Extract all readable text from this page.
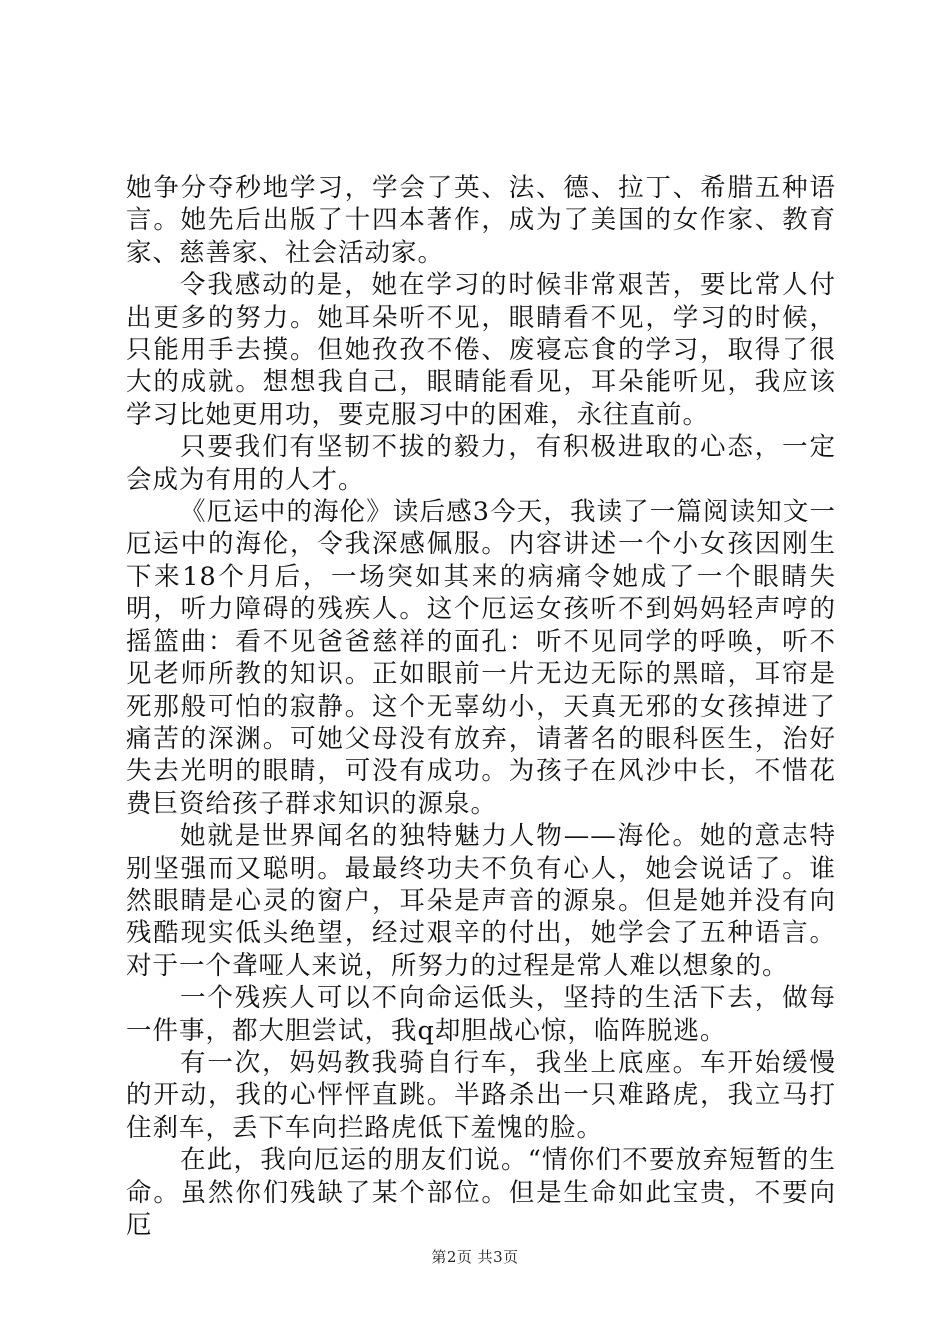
她争分夺秒地学习，学会了英、法、德、拉丁、希腊五种语言。她先后出版了十四本著作，成为了美国的女作家、教育家、慈善家、社会活动家。

令我感动的是，她在学习的时候非常艰苦，要比常人付出更多的努力。她耳朵听不见，眼睛看不见，学习的时候，只能用手去摸。但她孜孜不倦、废寝忘食的学习，取得了很大的成就。想想我自己，眼睛能看见，耳朵能听见，我应该学习比她更用功，要克服习中的困难，永往直前。

只要我们有坚韧不拔的毅力，有积极进取的心态，一定会成为有用的人才。

《厄运中的海伦》读后感3今天，我读了一篇阅读知文一厄运中的海伦，令我深感佩服。内容讲述一个小女孩因刚生下来18个月后，一场突如其来的病痛令她成了一个眼睛失明，听力障碍的残疾人。这个厄运女孩听不到妈妈轻声哼的摇篮曲：看不见爸爸慈祥的面孔：听不见同学的呼唤，听不见老师所教的知识。正如眼前一片无边无际的黑暗，耳帘是死那般可怕的寂静。这个无辜幼小，天真无邪的女孩掉进了痛苦的深渊。可她父母没有放弃，请著名的眼科医生，治好失去光明的眼睛，可没有成功。为孩子在风沙中长，不惜花费巨资给孩子群求知识的源泉。

她就是世界闻名的独特魅力人物——海伦。她的意志特别坚强而又聪明。最最终功夫不负有心人，她会说话了。谁然眼睛是心灵的窗户，耳朵是声音的源泉。但是她并没有向残酷现实低头绝望，经过艰辛的付出，她学会了五种语言。对于一个聋哑人来说，所努力的过程是常人难以想象的。

一个残疾人可以不向命运低头，坚持的生活下去，做每一件事，都大胆尝试，我q却胆战心惊，临阵脱逃。

有一次，妈妈教我骑自行车，我坐上底座。车开始缓慢的开动，我的心怦怦直跳。半路杀出一只难路虎，我立马打住刹车，丢下车向拦路虎低下羞愧的脸。

在此，我向厄运的朋友们说。“情你们不要放弃短暂的生命。虽然你们残缺了某个部位。但是生命如此宝贵，不要向厄

第2页 共3页
